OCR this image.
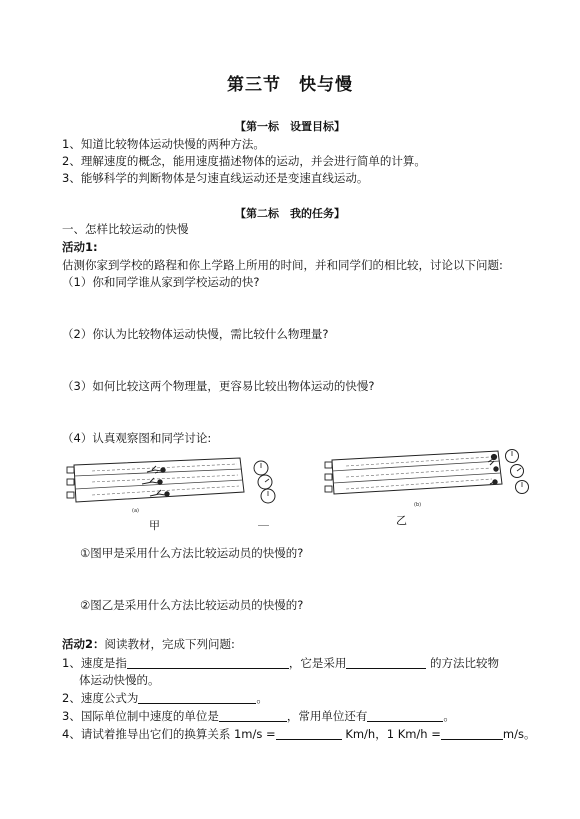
第三节　快与慢
【第一标　设置目标】
1、知道比较物体运动快慢的两种方法。
2、理解速度的概念，能用速度描述物体的运动，并会进行简单的计算。
3、能够科学的判断物体是匀速直线运动还是变速直线运动。
【第二标　我的任务】
一、怎样比较运动的快慢
活动1:
估测你家到学校的路程和你上学路上所用的时间，并和同学们的相比较，讨论以下问题:
（1）你和同学谁从家到学校运动的快?
（2）你认为比较物体运动快慢，需比较什么物理量?
（3）如何比较这两个物理量，更容易比较出物体运动的快慢?
（4）认真观察图和同学讨论:
(a)
甲
(b)
乙
①图甲是采用什么方法比较运动员的快慢的?
②图乙是采用什么方法比较运动员的快慢的?
活动2：阅读教材，完成下列问题:
1、速度是指	，它是采用	的方法比较物
体运动快慢的。
2、速度公式为	。
3、国际单位制中速度的单位是	，常用单位还有	。
4、请试着推导出它们的换算关系 1m/s =	Km/h，1 Km/h =	m/s。
